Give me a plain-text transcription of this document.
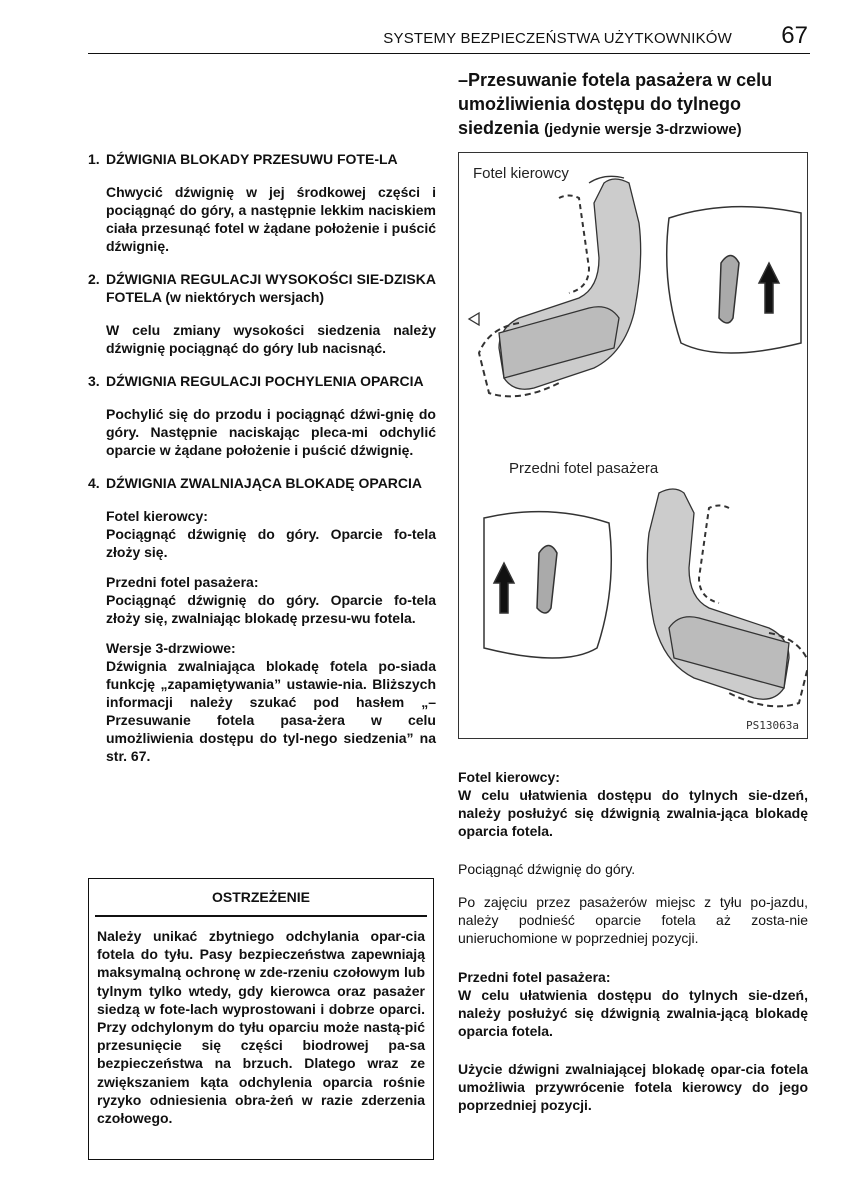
SYSTEMY BEZPIECZEŃSTWA UŻYTKOWNIKÓW 67
1. DŹWIGNIA BLOKADY PRZESUWU FOTE-LA
Chwycić dźwignię w jej środkowej części i pociągnąć do góry, a następnie lekkim naciskiem ciała przesunąć fotel w żądane położenie i puścić dźwignię.
2. DŹWIGNIA REGULACJI WYSOKOŚCI SIE-DZISKA FOTELA (w niektórych wersjach)
W celu zmiany wysokości siedzenia należy dźwignię pociągnąć do góry lub nacisnąć.
3. DŹWIGNIA REGULACJI POCHYLENIA OPARCIA
Pochylić się do przodu i pociągnąć dźwi-gnię do góry. Następnie naciskając pleca-mi odchylić oparcie w żądane położenie i puścić dźwignię.
4. DŹWIGNIA ZWALNIAJĄCA BLOKADĘ OPARCIA
Fotel kierowcy:
Pociągnąć dźwignię do góry. Oparcie fo-tela złoży się.
Przedni fotel pasażera:
Pociągnąć dźwignię do góry. Oparcie fo-tela złoży się, zwalniając blokadę przesu-wu fotela.
Wersje 3-drzwiowe:
Dźwignia zwalniająca blokadę fotela po-siada funkcję „zapamiętywania” ustawie-nia. Bliższych informacji należy szukać pod hasłem „–Przesuwanie fotela pasa-żera w celu umożliwienia dostępu do tyl-nego siedzenia” na str. 67.
OSTRZEŻENIE
Należy unikać zbytniego odchylania opar-cia fotela do tyłu. Pasy bezpieczeństwa zapewniają maksymalną ochronę w zde-rzeniu czołowym lub tylnym tylko wtedy, gdy kierowca oraz pasażer siedzą w fote-lach wyprostowani i dobrze oparci. Przy odchylonym do tyłu oparciu może nastą-pić przesunięcie się części biodrowej pa-sa bezpieczeństwa na brzuch. Dlatego wraz ze zwiększaniem kąta odchylenia oparcia rośnie ryzyko odniesienia obra-żeń w razie zderzenia czołowego.
–Przesuwanie fotela pasażera w celu umożliwienia dostępu do tylnego siedzenia (jedynie wersje 3-drzwiowe)
Fotel kierowcy
Przedni fotel pasażera
PS13063a
Fotel kierowcy:
W celu ułatwienia dostępu do tylnych sie-dzeń, należy posłużyć się dźwignią zwalnia-jąca blokadę oparcia fotela.
Pociągnąć dźwignię do góry.
Po zajęciu przez pasażerów miejsc z tyłu po-jazdu, należy podnieść oparcie fotela aż zosta-nie unieruchomione w poprzedniej pozycji.
Przedni fotel pasażera:
W celu ułatwienia dostępu do tylnych sie-dzeń, należy posłużyć się dźwignią zwalnia-jącą blokadę oparcia fotela.
Użycie dźwigni zwalniającej blokadę opar-cia fotela umożliwia przywrócenie fotela kierowcy do jego poprzedniej pozycji.
